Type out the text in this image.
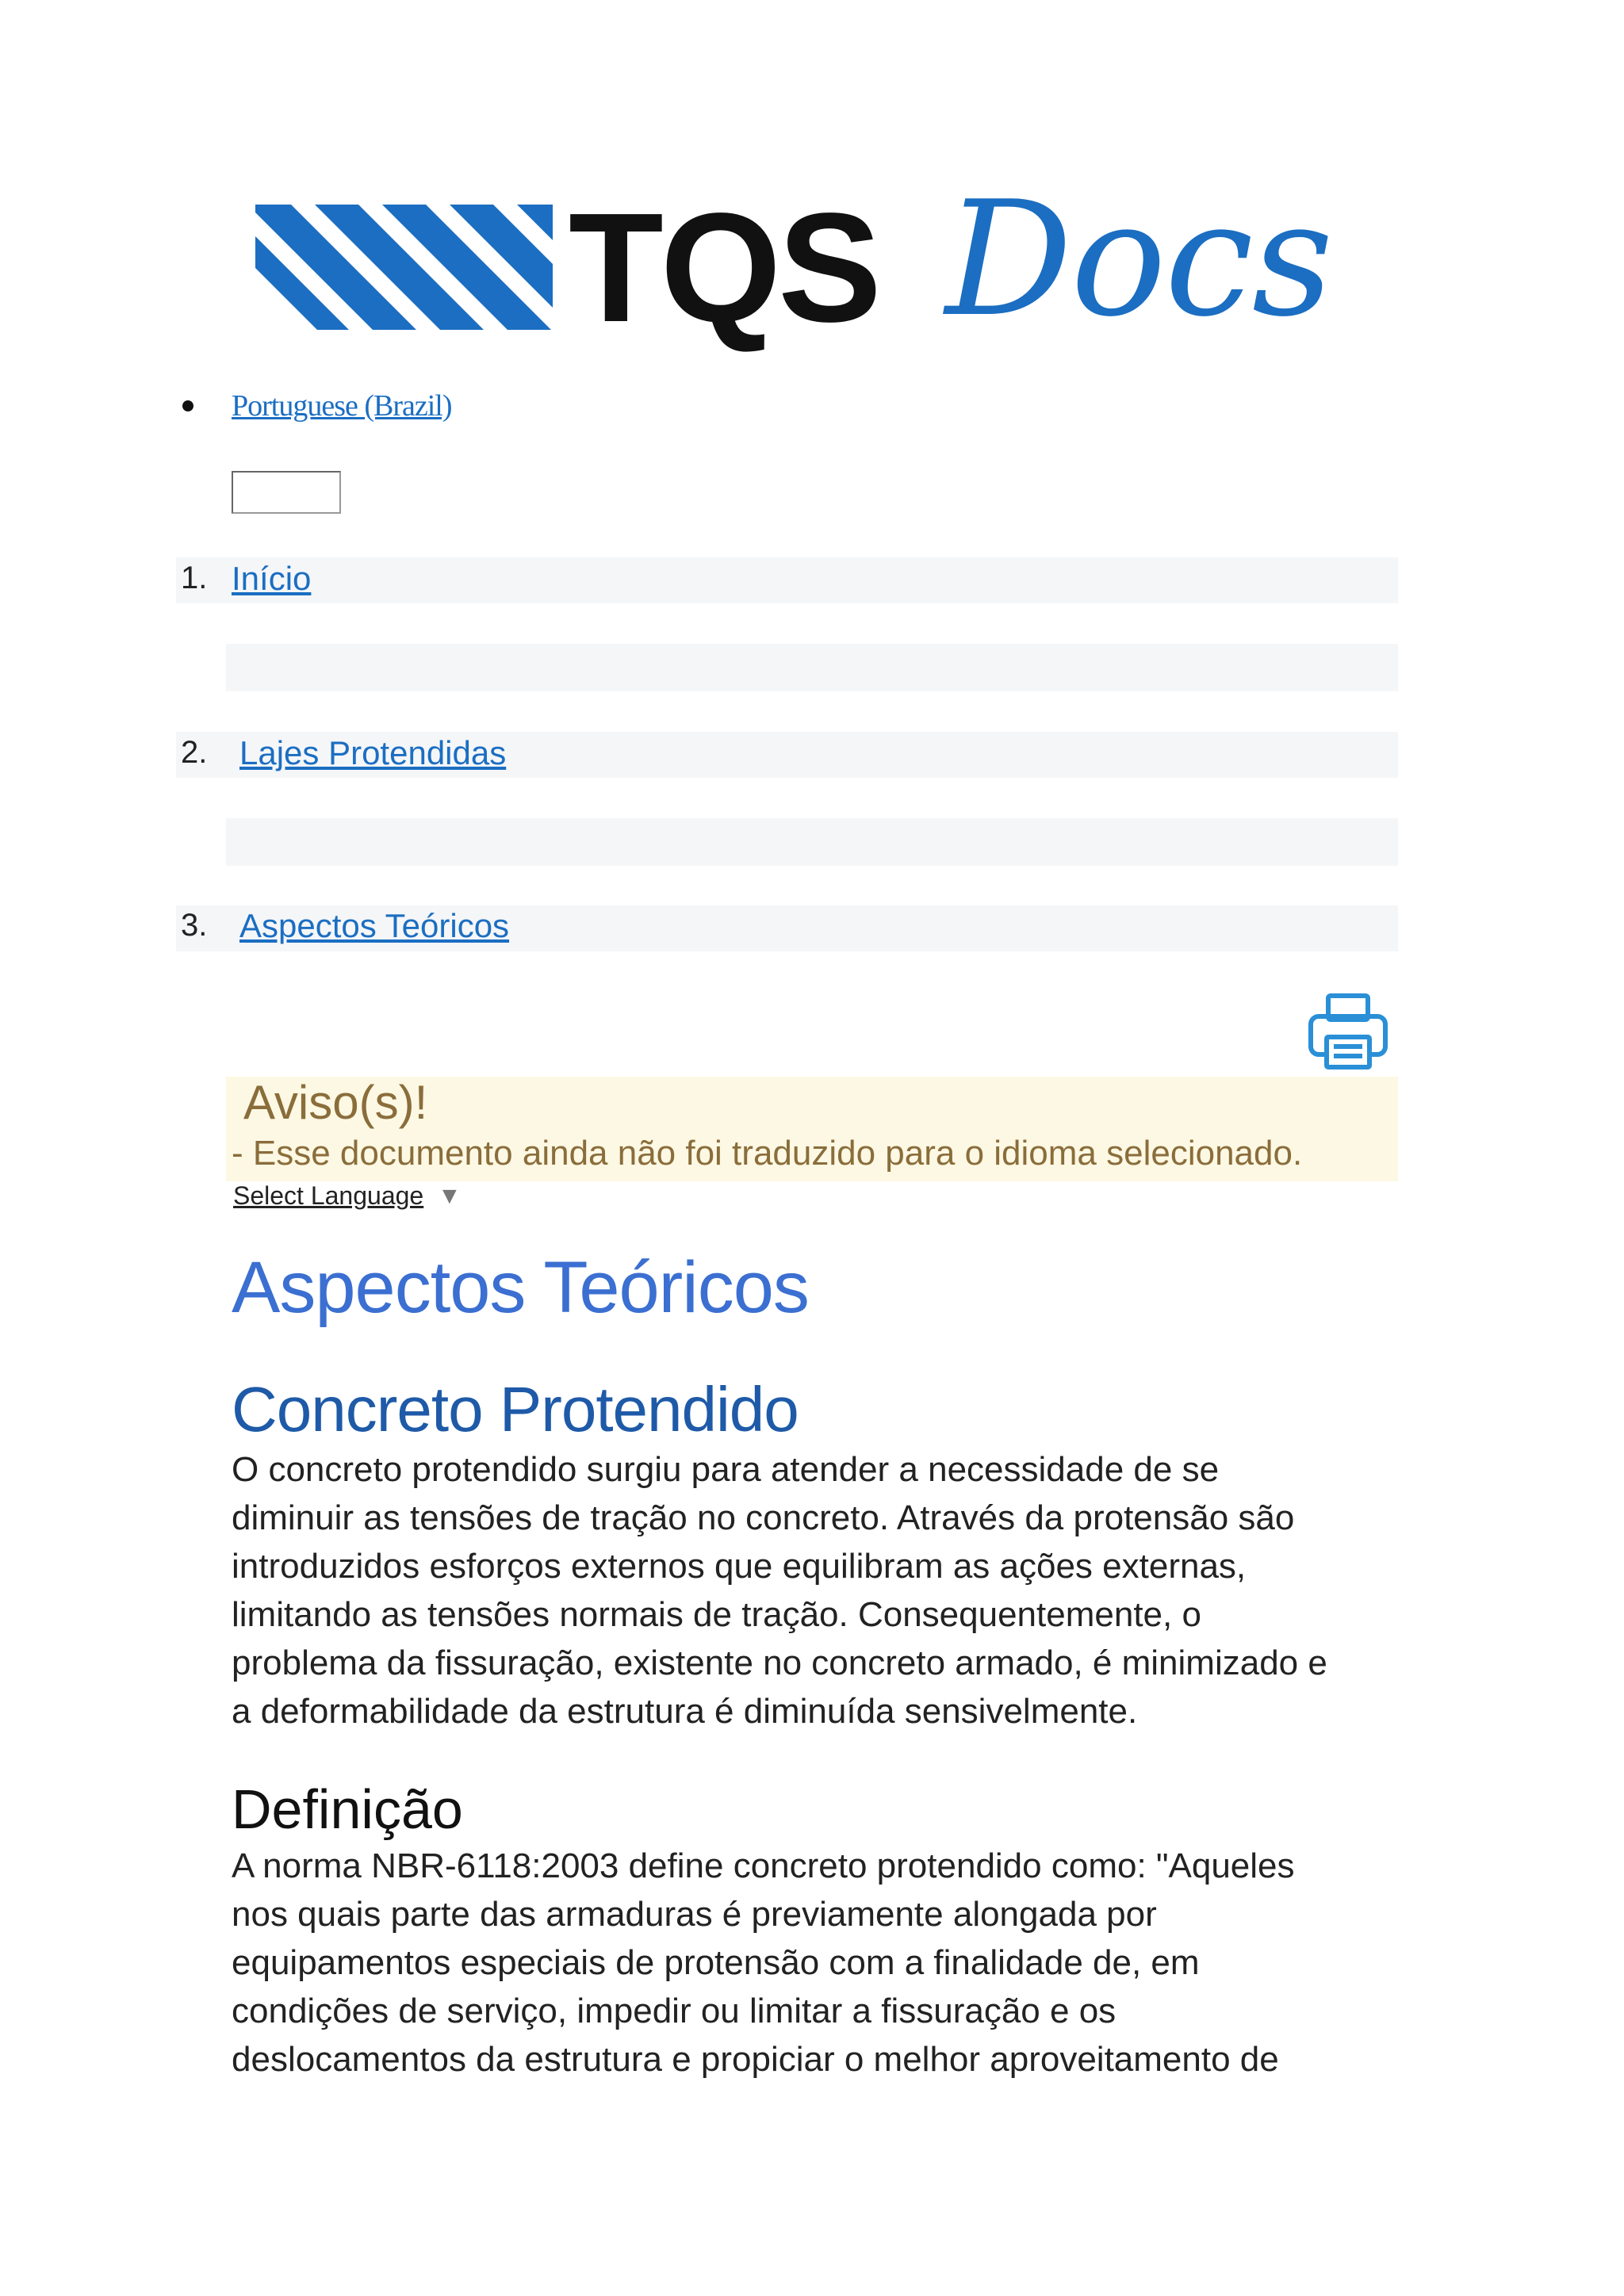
TQS Docs
Portuguese (Brazil)
1. Início
2. Lajes Protendidas
3. Aspectos Teóricos
Aviso(s)!
- Esse documento ainda não foi traduzido para o idioma selecionado.
Select Language ▼
Aspectos Teóricos
Concreto Protendido
O concreto protendido surgiu para atender a necessidade de se
diminuir as tensões de tração no concreto. Através da protensão são
introduzidos esforços externos que equilibram as ações externas,
limitando as tensões normais de tração. Consequentemente, o
problema da fissuração, existente no concreto armado, é minimizado e
a deformabilidade da estrutura é diminuída sensivelmente.
Definição
A norma NBR-6118:2003 define concreto protendido como: "Aqueles
nos quais parte das armaduras é previamente alongada por
equipamentos especiais de protensão com a finalidade de, em
condições de serviço, impedir ou limitar a fissuração e os
deslocamentos da estrutura e propiciar o melhor aproveitamento de
